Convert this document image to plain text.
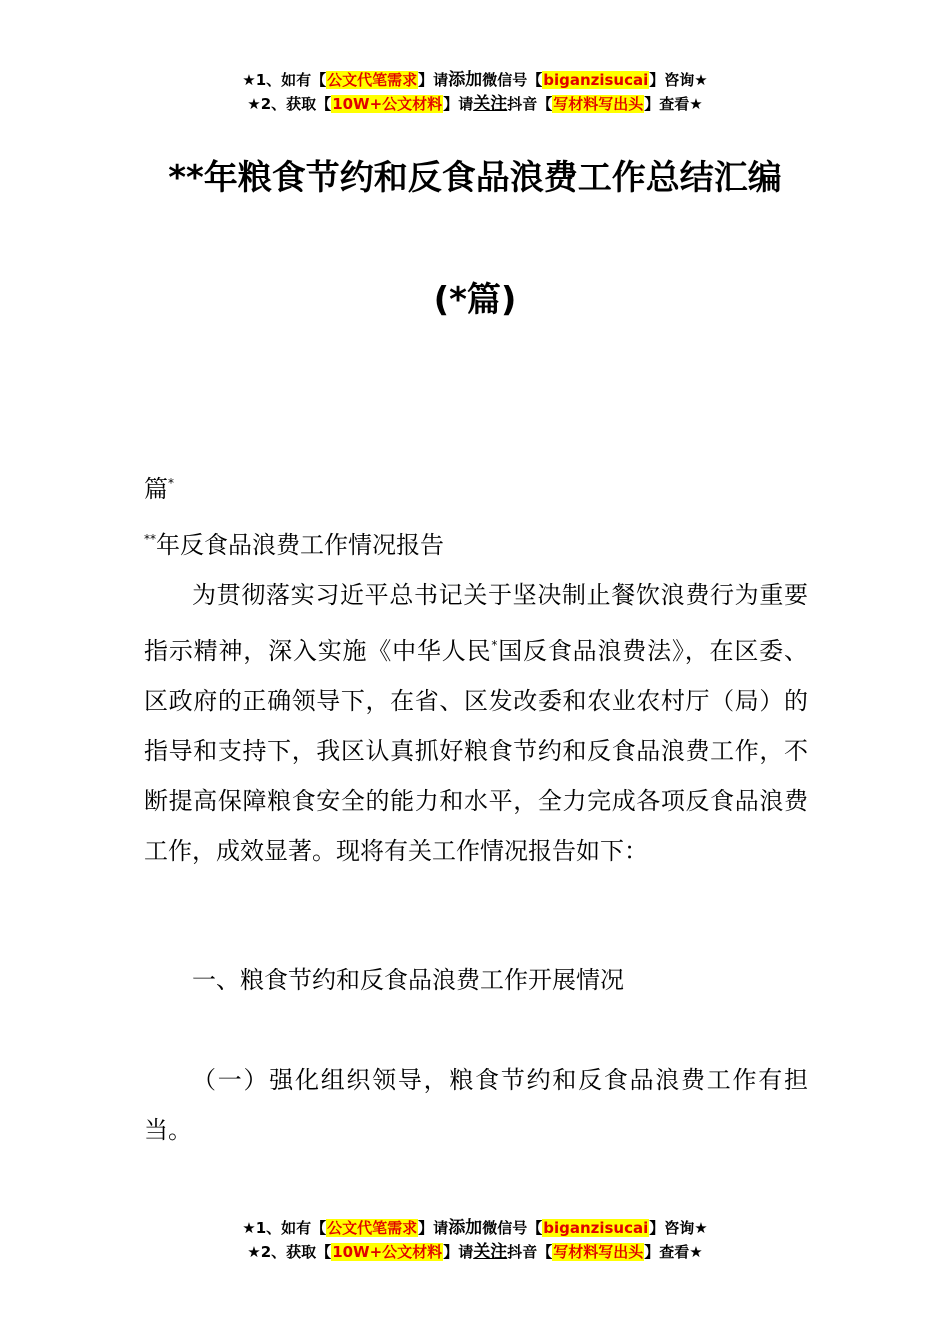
★1、如有【公文代笔需求】请添加微信号【biganzisucai】咨询★
★2、获取【10W+公文材料】请关注抖音【写材料写出头】查看★
**年粮食节约和反食品浪费工作总结汇编
(*篇)

篇*

**年反食品浪费工作情况报告

为贯彻落实习近平总书记关于坚决制止餐饮浪费行为重要指示精神，深入实施《中华人民*国反食品浪费法》，在区委、区政府的正确领导下，在省、区发改委和农业农村厅（局）的指导和支持下，我区认真抓好粮食节约和反食品浪费工作，不断提高保障粮食安全的能力和水平，全力完成各项反食品浪费工作，成效显著。现将有关工作情况报告如下：

一、粮食节约和反食品浪费工作开展情况

（一）强化组织领导，粮食节约和反食品浪费工作有担当。

★1、如有【公文代笔需求】请添加微信号【biganzisucai】咨询★
★2、获取【10W+公文材料】请关注抖音【写材料写出头】查看★
